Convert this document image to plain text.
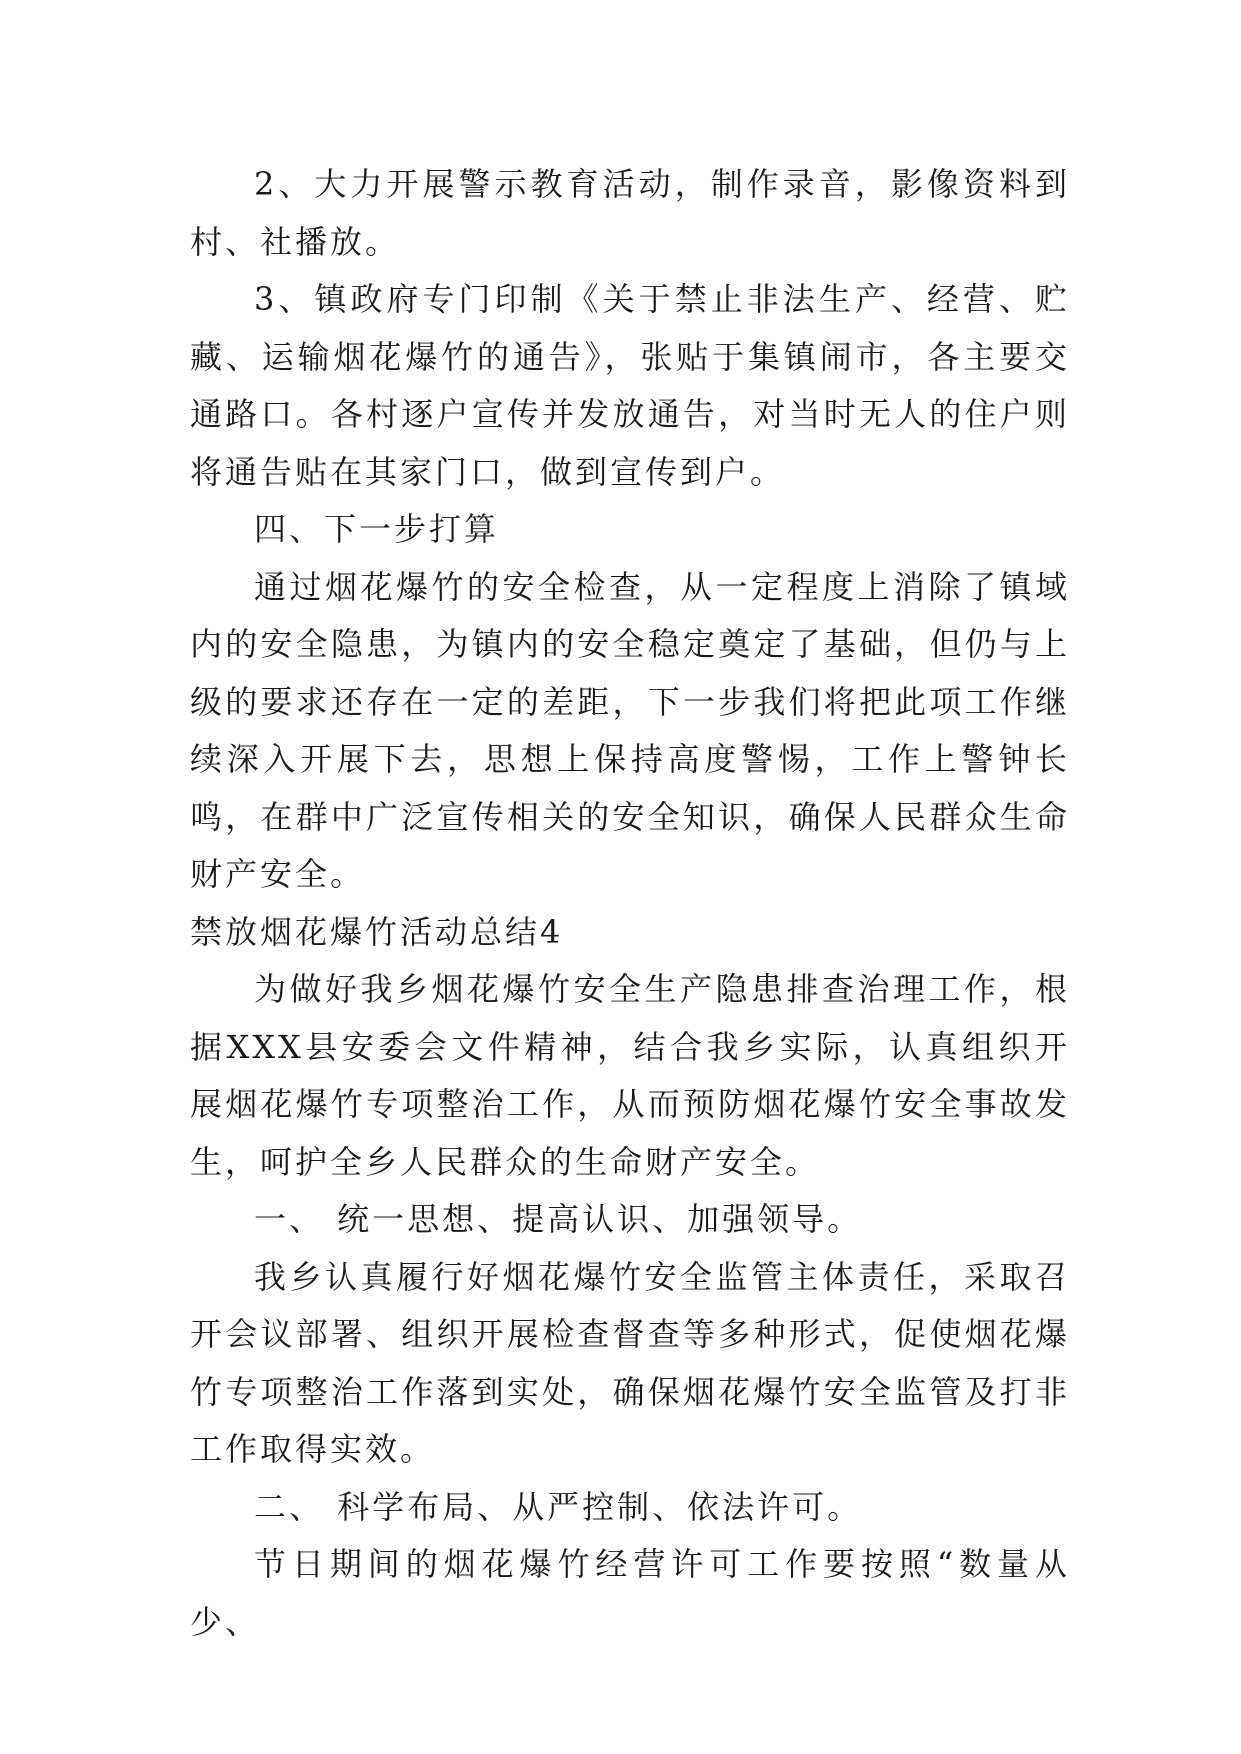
2、大力开展警示教育活动，制作录音，影像资料到村、社播放。

3、镇政府专门印制《关于禁止非法生产、经营、贮藏、运输烟花爆竹的通告》，张贴于集镇闹市，各主要交通路口。各村逐户宣传并发放通告，对当时无人的住户则将通告贴在其家门口，做到宣传到户。

四、下一步打算

通过烟花爆竹的安全检查，从一定程度上消除了镇域内的安全隐患，为镇内的安全稳定奠定了基础，但仍与上级的要求还存在一定的差距，下一步我们将把此项工作继续深入开展下去，思想上保持高度警惕，工作上警钟长鸣，在群中广泛宣传相关的安全知识，确保人民群众生命财产安全。

禁放烟花爆竹活动总结4

为做好我乡烟花爆竹安全生产隐患排查治理工作，根据XXX县安委会文件精神，结合我乡实际，认真组织开展烟花爆竹专项整治工作，从而预防烟花爆竹安全事故发生，呵护全乡人民群众的生命财产安全。

一、 统一思想、提高认识、加强领导。

我乡认真履行好烟花爆竹安全监管主体责任，采取召开会议部署、组织开展检查督查等多种形式，促使烟花爆竹专项整治工作落到实处，确保烟花爆竹安全监管及打非工作取得实效。

二、 科学布局、从严控制、依法许可。

节日期间的烟花爆竹经营许可工作要按照“数量从少、
